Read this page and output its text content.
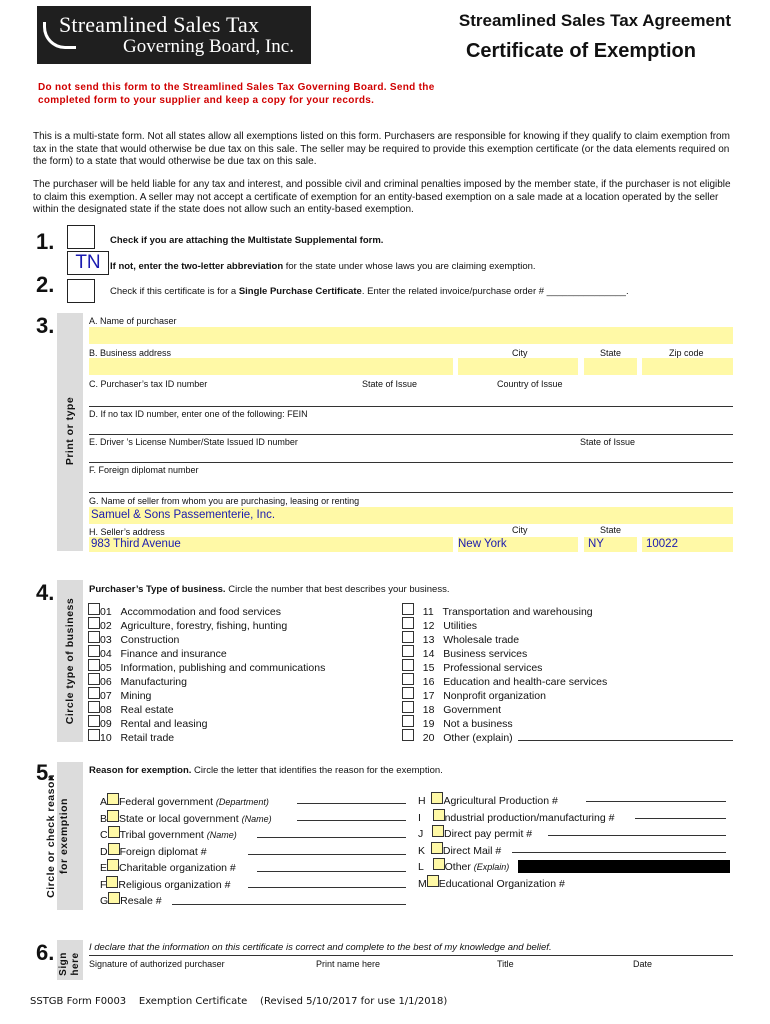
Streamlined Sales Tax
Governing Board, Inc.
Streamlined Sales Tax Agreement
Certificate of Exemption
Do not send this form to the Streamlined Sales Tax Governing Board. Send the completed form to your supplier and keep a copy for your records.
This is a multi-state form. Not all states allow all exemptions listed on this form. Purchasers are responsible for knowing if they qualify to claim exemption from tax in the state that would otherwise be due tax on this sale. The seller may be required to provide this exemption certificate (or the data elements required on the form) to a state that would otherwise be due tax on this sale.
The purchaser will be held liable for any tax and interest, and possible civil and criminal penalties imposed by the member state, if the purchaser is not eligible to claim this exemption. A seller may not accept a certificate of exemption for an entity-based exemption on a sale made at a location operated by the seller within the designated state if the state does not allow such an entity-based exemption.
1.	Check if you are attaching the Multistate Supplemental form.
TN If not, enter the two-letter abbreviation for the state under whose laws you are claiming exemption.
2.	Check if this certificate is for a Single Purchase Certificate. Enter the related invoice/purchase order # _______________.
3.
Print or type
A. Name of purchaser
B. Business address	City	State	Zip code
C. Purchaser’s tax ID number	State of Issue	Country of Issue
D. If no tax ID number, enter one of the following: FEIN
E. Driver ’s License Number/State Issued ID number	State of Issue
F. Foreign diplomat number
G. Name of seller from whom you are purchasing, leasing or renting
Samuel & Sons Passementerie, Inc.
H. Seller’s address	City	State
983 Third Avenue	New York	NY	10022
4.
Circle type of business
Purchaser’s Type of business. Circle the number that best describes your business.
01 Accommodation and food services
02 Agriculture, forestry, fishing, hunting
03 Construction
04 Finance and insurance
05 Information, publishing and communications
06 Manufacturing
07 Mining
08 Real estate
09 Rental and leasing
10 Retail trade
11 Transportation and warehousing
12 Utilities
13 Wholesale trade
14 Business services
15 Professional services
16 Education and health-care services
17 Nonprofit organization
18 Government
19 Not a business
20 Other (explain)
5.
Circle or check reason for exemption
Reason for exemption. Circle the letter that identifies the reason for the exemption.
A Federal government (Department)
B State or local government (Name)
C Tribal government (Name)
D Foreign diplomat #
E Charitable organization #
F Religious organization #
G Resale #
H Agricultural Production #
I ndustrial production/manufacturing #
J Direct pay permit #
K Direct Mail #
L Other (Explain)
M Educational Organization #
6. Sign here
I declare that the information on this certificate is correct and complete to the best of my knowledge and belief.
Signature of authorized purchaser	Print name here	Title	Date
SSTGB Form F0003    Exemption Certificate    (Revised 5/10/2017 for use 1/1/2018)
